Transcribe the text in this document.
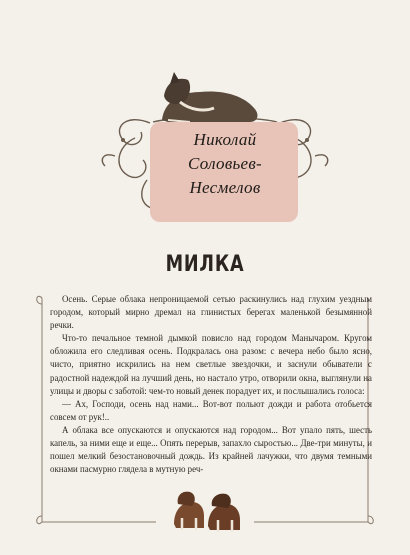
Николай
Соловьев-
Несмелов
МИЛКА

Осень. Серые облака непроницаемой сетью раскинулись над глухим уездным городом, который мирно дремал на глинистых берегах маленькой безымянной речки.

Что-то печальное темной дымкой повисло над городом Манычаром. Кругом обложила его следливая осень. Подкралась она разом: с вечера небо было ясно, чисто, приятно искрились на нем светлые звездочки, и заснули обыватели с радостной надеждой на лучший день, но настало утро, отворили окна, выглянули на улицы и дворы с заботой: чем-то новый денек порадует их, и послышались голоса:

— Ах, Господи, осень над нами... Вот-вот польют дожди и работа отобьется совсем от рук!..

А облака все опускаются и опускаются над городом... Вот упало пять, шесть капель, за ними еще и еще... Опять перерыв, запахло сыростью... Две-три минуты, и пошел мелкий безостановочный дождь. Из крайней лачужки, что двумя темными окнами пасмурно глядела в мутную реч-
